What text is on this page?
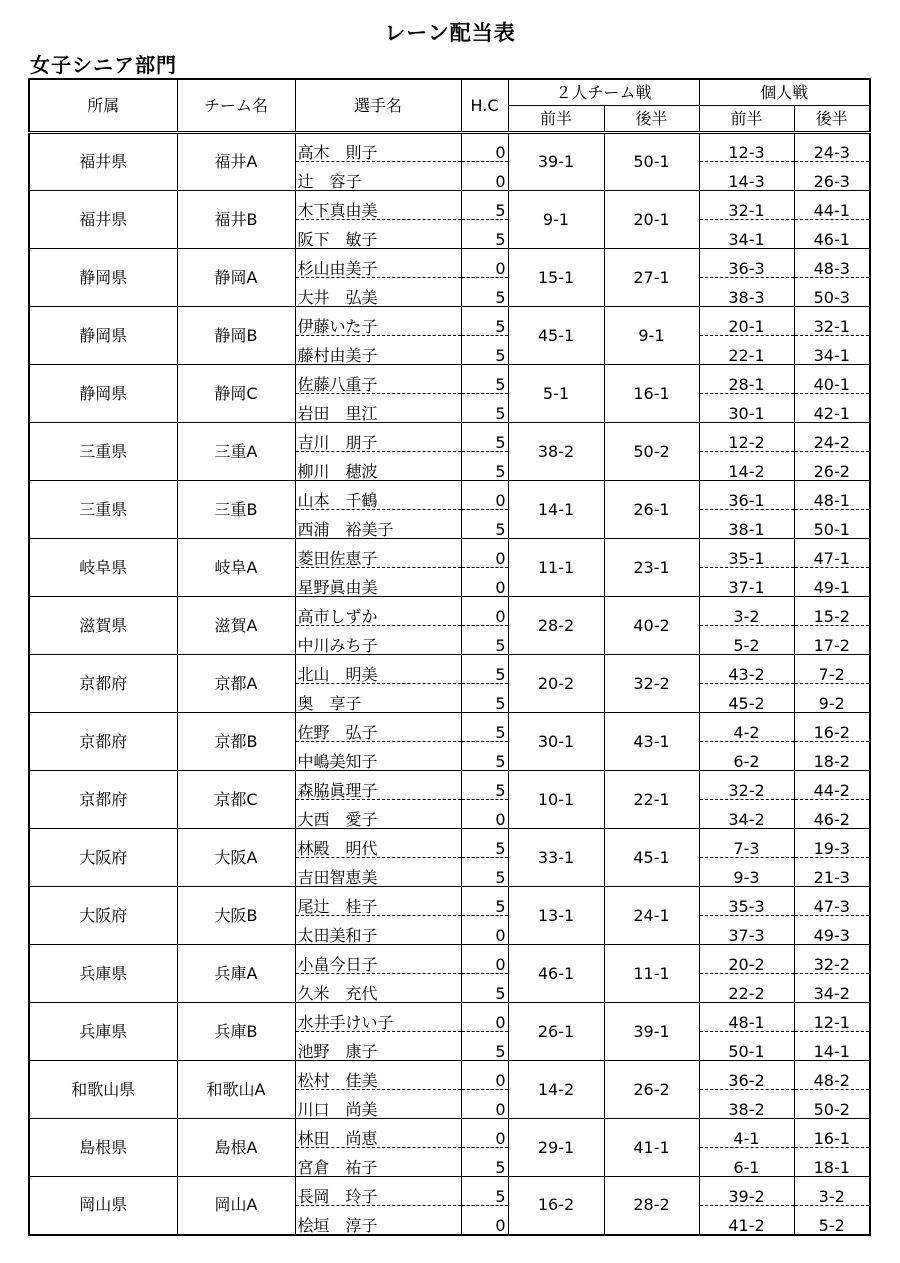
レーン配当表
女子シニア部門
所属	チーム名	選手名	H.C	２人チーム戦		個人戦	
				前半	後半	前半	後半
福井県	福井A	高木　則子	0	39-1	50-1	12-3	24-3
		辻　容子	0			14-3	26-3
福井県	福井B	木下真由美	5	9-1	20-1	32-1	44-1
		阪下　敏子	5			34-1	46-1
静岡県	静岡A	杉山由美子	0	15-1	27-1	36-3	48-3
		大井　弘美	5			38-3	50-3
静岡県	静岡B	伊藤いた子	5	45-1	9-1	20-1	32-1
		藤村由美子	5			22-1	34-1
静岡県	静岡C	佐藤八重子	5	5-1	16-1	28-1	40-1
		岩田　里江	5			30-1	42-1
三重県	三重A	吉川　朋子	5	38-2	50-2	12-2	24-2
		柳川　穂波	5			14-2	26-2
三重県	三重B	山本　千鶴	0	14-1	26-1	36-1	48-1
		西浦　裕美子	5			38-1	50-1
岐阜県	岐阜A	菱田佐恵子	0	11-1	23-1	35-1	47-1
		星野眞由美	0			37-1	49-1
滋賀県	滋賀A	高市しずか	0	28-2	40-2	3-2	15-2
		中川みち子	5			5-2	17-2
京都府	京都A	北山　明美	5	20-2	32-2	43-2	7-2
		奥　享子	5			45-2	9-2
京都府	京都B	佐野　弘子	5	30-1	43-1	4-2	16-2
		中嶋美知子	5			6-2	18-2
京都府	京都C	森脇眞理子	5	10-1	22-1	32-2	44-2
		大西　愛子	0			34-2	46-2
大阪府	大阪A	林殿　明代	5	33-1	45-1	7-3	19-3
		吉田智恵美	5			9-3	21-3
大阪府	大阪B	尾辻　桂子	5	13-1	24-1	35-3	47-3
		太田美和子	0			37-3	49-3
兵庫県	兵庫A	小畠今日子	0	46-1	11-1	20-2	32-2
		久米　充代	5			22-2	34-2
兵庫県	兵庫B	水井手けい子	0	26-1	39-1	48-1	12-1
		池野　康子	5			50-1	14-1
和歌山県	和歌山A	松村　佳美	0	14-2	26-2	36-2	48-2
		川口　尚美	0			38-2	50-2
島根県	島根A	林田　尚恵	0	29-1	41-1	4-1	16-1
		宮倉　祐子	5			6-1	18-1
岡山県	岡山A	長岡　玲子	5	16-2	28-2	39-2	3-2
		桧垣　淳子	0			41-2	5-2
